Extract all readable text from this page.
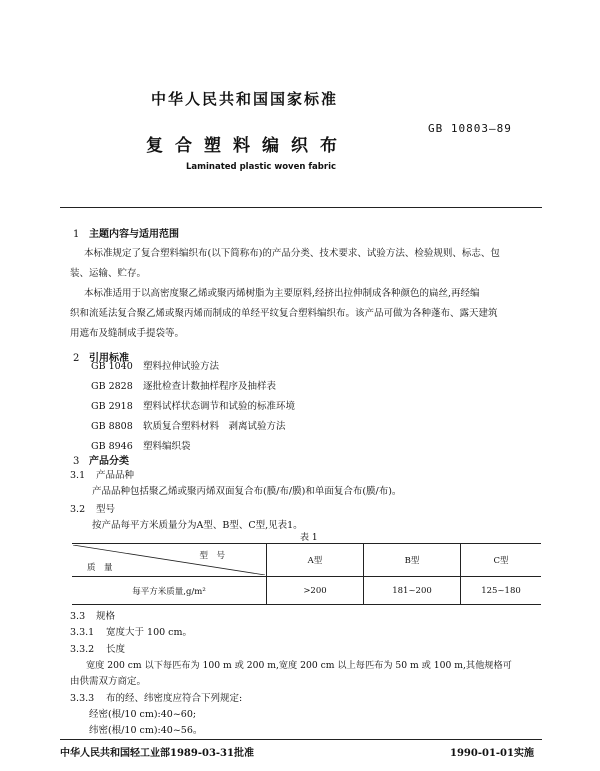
中华人民共和国国家标准
GB 10803—89
复合塑料编织布
Laminated plastic woven fabric
1 主题内容与适用范围
本标准规定了复合塑料编织布(以下简称布)的产品分类、技术要求、试验方法、检验规则、标志、包
装、运输、贮存。
本标准适用于以高密度聚乙烯或聚丙烯树脂为主要原料,经挤出拉伸制成各种颜色的扁丝,再经编
织和流延法复合聚乙烯或聚丙烯而制成的单经平纹复合塑料编织布。该产品可做为各种蓬布、露天建筑
用遮布及缝制成手提袋等。
2 引用标准
GB 1040 塑料拉伸试验方法
GB 2828 逐批检查计数抽样程序及抽样表
GB 2918 塑料试样状态调节和试验的标准环境
GB 8808 软质复合塑料材料　剥离试验方法
GB 8946 塑料编织袋
3 产品分类
3.1 产品品种
产品品种包括聚乙烯或聚丙烯双面复合布(膜/布/膜)和单面复合布(膜/布)。
3.2 型号
按产品每平方米质量分为A型、B型、C型,见表1。
表 1
型　号
质　量	A型	B型	C型
每平方米质量,g/m²	>200	181~200	125~180
3.3 规格
3.3.1 宽度大于 100 cm。
3.3.2 长度
宽度 200 cm 以下每匹布为 100 m 或 200 m,宽度 200 cm 以上每匹布为 50 m 或 100 m,其他规格可
由供需双方商定。
3.3.3 布的经、纬密度应符合下列规定:
经密(根/10 cm):40~60;
纬密(根/10 cm):40~56。
中华人民共和国轻工业部1989-03-31批准	1990-01-01实施
